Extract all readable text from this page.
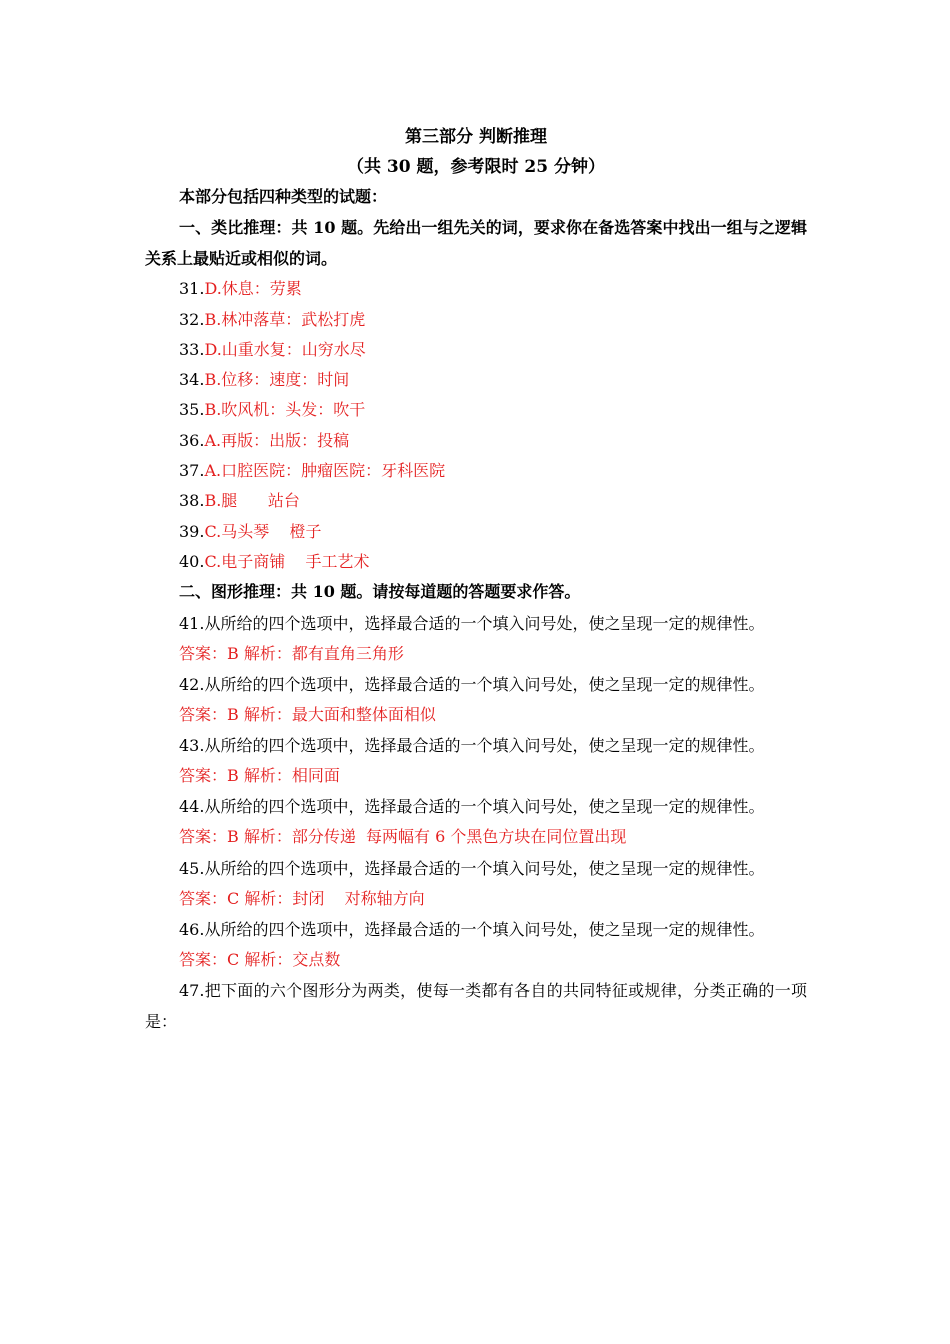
第三部分 判断推理
（共 30 题，参考限时 25 分钟）
本部分包括四种类型的试题：
一、类比推理：共 10 题。先给出一组先关的词，要求你在备选答案中找出一组与之逻辑关系上最贴近或相似的词。
31.D.休息：劳累
32.B.林冲落草：武松打虎
33.D.山重水复：山穷水尽
34.B.位移：速度：时间
35.B.吹风机：头发：吹干
36.A.再版：出版：投稿
37.A.口腔医院：肿瘤医院：牙科医院
38.B.腿      站台
39.C.马头琴    橙子
40.C.电子商铺    手工艺术
二、图形推理：共 10 题。请按每道题的答题要求作答。
41.从所给的四个选项中，选择最合适的一个填入问号处，使之呈现一定的规律性。
答案：B 解析：都有直角三角形
42.从所给的四个选项中，选择最合适的一个填入问号处，使之呈现一定的规律性。
答案：B 解析：最大面和整体面相似
43.从所给的四个选项中，选择最合适的一个填入问号处，使之呈现一定的规律性。
答案：B 解析：相同面
44.从所给的四个选项中，选择最合适的一个填入问号处，使之呈现一定的规律性。
答案：B 解析：部分传递  每两幅有 6 个黑色方块在同位置出现
45.从所给的四个选项中，选择最合适的一个填入问号处，使之呈现一定的规律性。
答案：C 解析：封闭    对称轴方向
46.从所给的四个选项中，选择最合适的一个填入问号处，使之呈现一定的规律性。
答案：C 解析：交点数
47.把下面的六个图形分为两类，使每一类都有各自的共同特征或规律，分类正确的一项是：
